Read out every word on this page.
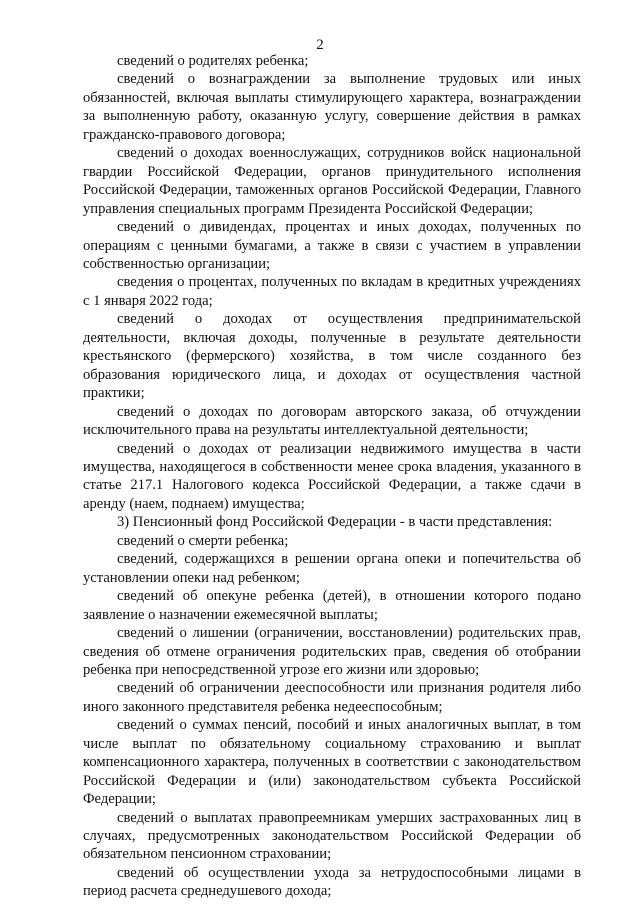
2

сведений о родителях ребенка;

сведений о вознаграждении за выполнение трудовых или иных обязанностей, включая выплаты стимулирующего характера, вознаграждении за выполненную работу, оказанную услугу, совершение действия в рамках гражданско-правового договора;

сведений о доходах военнослужащих, сотрудников войск национальной гвардии Российской Федерации, органов принудительного исполнения Российской Федерации, таможенных органов Российской Федерации, Главного управления специальных программ Президента Российской Федерации;

сведений о дивидендах, процентах и иных доходах, полученных по операциям с ценными бумагами, а также в связи с участием в управлении собственностью организации;

сведения о процентах, полученных по вкладам в кредитных учреждениях с 1 января 2022 года;

сведений о доходах от осуществления предпринимательской деятельности, включая доходы, полученные в результате деятельности крестьянского (фермерского) хозяйства, в том числе созданного без образования юридического лица, и доходах от осуществления частной практики;

сведений о доходах по договорам авторского заказа, об отчуждении исключительного права на результаты интеллектуальной деятельности;

сведений о доходах от реализации недвижимого имущества в части имущества, находящегося в собственности менее срока владения, указанного в статье 217.1 Налогового кодекса Российской Федерации, а также сдачи в аренду (наем, поднаем) имущества;

3) Пенсионный фонд Российской Федерации - в части представления:

сведений о смерти ребенка;

сведений, содержащихся в решении органа опеки и попечительства об установлении опеки над ребенком;

сведений об опекуне ребенка (детей), в отношении которого подано заявление о назначении ежемесячной выплаты;

сведений о лишении (ограничении, восстановлении) родительских прав, сведения об отмене ограничения родительских прав, сведения об отобрании ребенка при непосредственной угрозе его жизни или здоровью;

сведений об ограничении дееспособности или признания родителя либо иного законного представителя ребенка недееспособным;

сведений о суммах пенсий, пособий и иных аналогичных выплат, в том числе выплат по обязательному социальному страхованию и выплат компенсационного характера, полученных в соответствии с законодательством Российской Федерации и (или) законодательством субъекта Российской Федерации;

сведений о выплатах правопреемникам умерших застрахованных лиц в случаях, предусмотренных законодательством Российской Федерации об обязательном пенсионном страховании;

сведений об осуществлении ухода за нетрудоспособными лицами в период расчета среднедушевого дохода;
